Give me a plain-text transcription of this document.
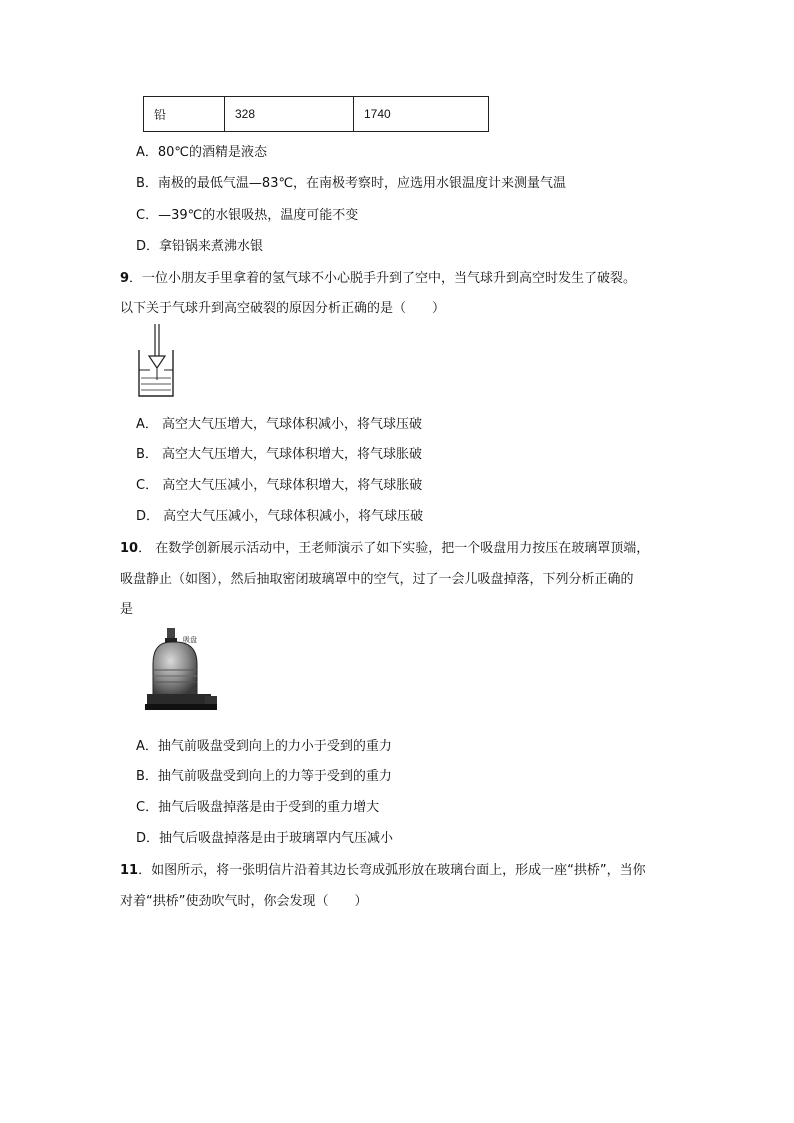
铅	328	1740
A．80℃的酒精是液态
B．南极的最低气温—83℃，在南极考察时，应选用水银温度计来测量气温
C．—39℃的水银吸热，温度可能不变
D．拿铅锅来煮沸水银
9．一位小朋友手里拿着的氢气球不小心脱手升到了空中，当气球升到高空时发生了破裂。
以下关于气球升到高空破裂的原因分析正确的是（　　）
A． 高空大气压增大，气球体积减小，将气球压破
B． 高空大气压增大，气球体积增大，将气球胀破
C． 高空大气压减小，气球体积增大，将气球胀破
D． 高空大气压减小，气球体积减小，将气球压破
10． 在数学创新展示活动中，王老师演示了如下实验，把一个吸盘用力按压在玻璃罩顶端，
吸盘静止（如图），然后抽取密闭玻璃罩中的空气，过了一会儿吸盘掉落，下列分析正确的
是
吸盘
A．抽气前吸盘受到向上的力小于受到的重力
B．抽气前吸盘受到向上的力等于受到的重力
C．抽气后吸盘掉落是由于受到的重力增大
D．抽气后吸盘掉落是由于玻璃罩内气压减小
11．如图所示，将一张明信片沿着其边长弯成弧形放在玻璃台面上，形成一座“拱桥”，当你
对着“拱桥”使劲吹气时，你会发现（　　）
